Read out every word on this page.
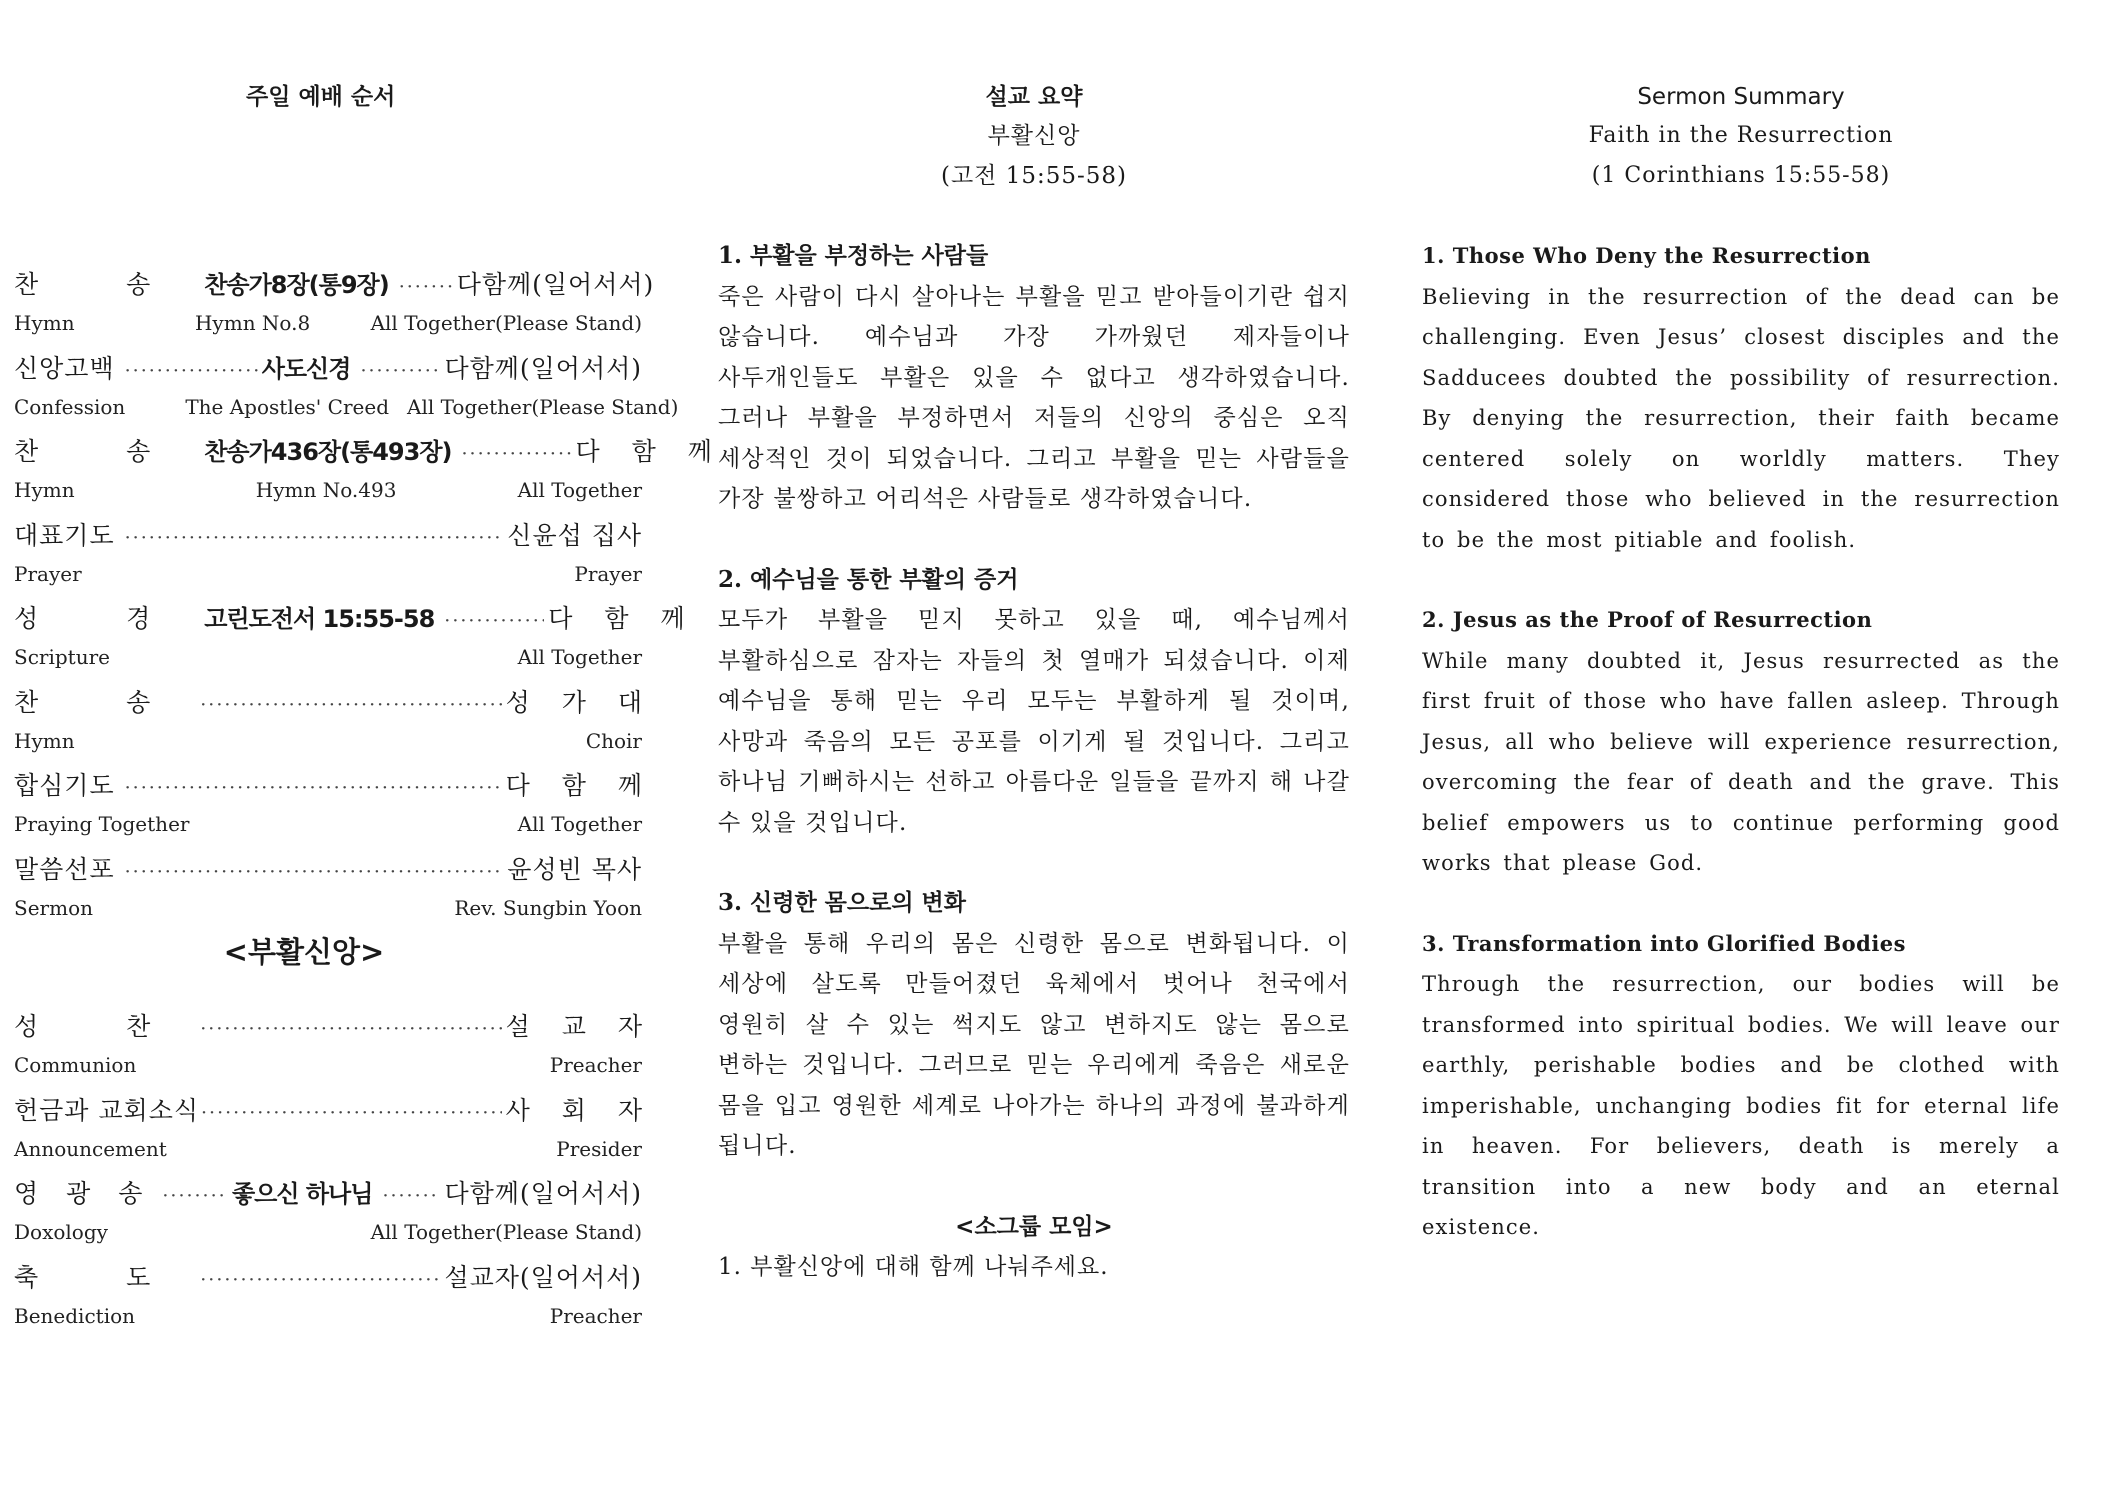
주일 예배 순서
찬 송 찬송가8장(통9장) ·····	다함께(일어서서)
Hymn	Hymn No.8	All Together(Please Stand)
신앙고백 ·····	사도신경 ·····	다함께(일어서서)
Confession	The Apostles' Creed All Together(Please Stand)
찬 송 찬송가436장(통493장) ·····	다 함 께
Hymn	Hymn No.493	All Together
대표기도 ·····	신윤섭 집사
Prayer	Prayer
성 경 고린도전서 15:55-58 ·····	다 함 께
Scripture	All Together
찬 송 ·····	성 가 대
Hymn	Choir
합심기도 ·····	다 함 께
Praying Together	All Together
말씀선포 ·····	윤성빈 목사
Sermon	Rev. Sungbin Yoon
<부활신앙>
성 찬 ·····	설 교 자
Communion	Preacher
헌금과 교회소식 ·····	사 회 자
Announcement	Presider
영 광 송 ·····	좋으신 하나님 ·····	다함께(일어서서)
Doxology	All Together(Please Stand)
축 도 ·····	설교자(일어서서)
Benediction	Preacher
설교 요약
부활신앙
(고전 15:55-58)
1. 부활을 부정하는 사람들

죽은 사람이 다시 살아나는 부활을 믿고 받아들이기란 쉽지 않습니다. 예수님과 가장 가까웠던 제자들이나 사두개인들도 부활은 있을 수 없다고 생각하였습니다. 그러나 부활을 부정하면서 저들의 신앙의 중심은 오직 세상적인 것이 되었습니다. 그리고 부활을 믿는 사람들을 가장 불쌍하고 어리석은 사람들로 생각하였습니다.

2. 예수님을 통한 부활의 증거

모두가 부활을 믿지 못하고 있을 때, 예수님께서 부활하심으로 잠자는 자들의 첫 열매가 되셨습니다. 이제 예수님을 통해 믿는 우리 모두는 부활하게 될 것이며, 사망과 죽음의 모든 공포를 이기게 될 것입니다. 그리고 하나님 기뻐하시는 선하고 아름다운 일들을 끝까지 해 나갈 수 있을 것입니다.

3. 신령한 몸으로의 변화

부활을 통해 우리의 몸은 신령한 몸으로 변화됩니다. 이 세상에 살도록 만들어졌던 육체에서 벗어나 천국에서 영원히 살 수 있는 썩지도 않고 변하지도 않는 몸으로 변하는 것입니다. 그러므로 믿는 우리에게 죽음은 새로운 몸을 입고 영원한 세계로 나아가는 하나의 과정에 불과하게 됩니다.

<소그룹 모임>
1. 부활신앙에 대해 함께 나눠주세요.
Sermon Summary
Faith in the Resurrection
(1 Corinthians 15:55-58)
1. Those Who Deny the Resurrection

Believing in the resurrection of the dead can be challenging. Even Jesus’ closest disciples and the Sadducees doubted the possibility of resurrection. By denying the resurrection, their faith became centered solely on worldly matters. They considered those who believed in the resurrection to be the most pitiable and foolish.

2. Jesus as the Proof of Resurrection

While many doubted it, Jesus resurrected as the first fruit of those who have fallen asleep. Through Jesus, all who believe will experience resurrection, overcoming the fear of death and the grave. This belief empowers us to continue performing good works that please God.

3. Transformation into Glorified Bodies

Through the resurrection, our bodies will be transformed into spiritual bodies. We will leave our earthly, perishable bodies and be clothed with imperishable, unchanging bodies fit for eternal life in heaven. For believers, death is merely a transition into a new body and an eternal existence.
